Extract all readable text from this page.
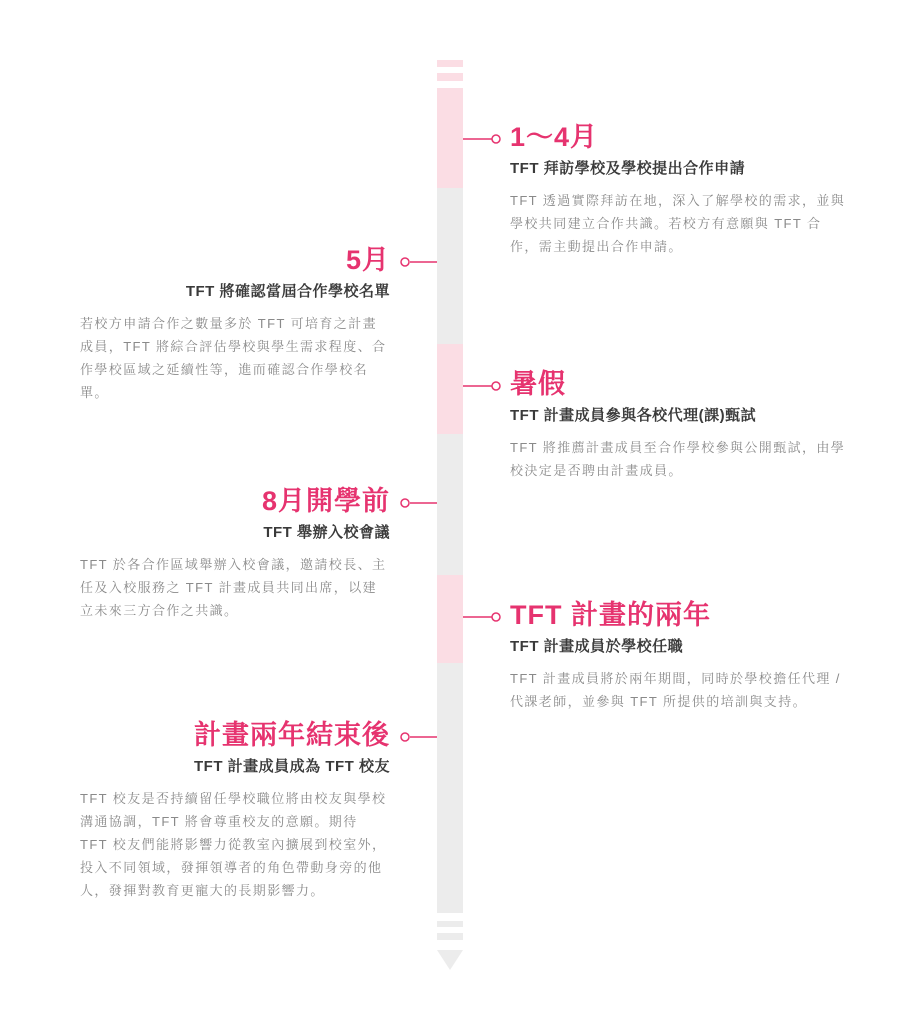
1～4月
TFT 拜訪學校及學校提出合作申請
TFT 透過實際拜訪在地，深入了解學校的需求，並與學校共同建立合作共識。若校方有意願與 TFT 合作，需主動提出合作申請。
5月
TFT 將確認當屆合作學校名單
若校方申請合作之數量多於 TFT 可培育之計畫成員，TFT 將綜合評估學校與學生需求程度、合作學校區域之延續性等，進而確認合作學校名單。	暑假
TFT 計畫成員參與各校代理(課)甄試
TFT 將推薦計畫成員至合作學校參與公開甄試，由學校決定是否聘由計畫成員。
8月開學前
TFT 舉辦入校會議
TFT 於各合作區域舉辦入校會議，邀請校長、主任及入校服務之 TFT 計畫成員共同出席，以建立未來三方合作之共識。	TFT 計畫的兩年
TFT 計畫成員於學校任職
TFT 計畫成員將於兩年期間，同時於學校擔任代理 / 代課老師，並參與 TFT 所提供的培訓與支持。
計畫兩年結束後
TFT 計畫成員成為 TFT 校友
TFT 校友是否持續留任學校職位將由校友與學校溝通協調，TFT 將會尊重校友的意願。期待 TFT 校友們能將影響力從教室內擴展到校室外，投入不同領域，發揮領導者的角色帶動身旁的他人，發揮對教育更寵大的長期影響力。
